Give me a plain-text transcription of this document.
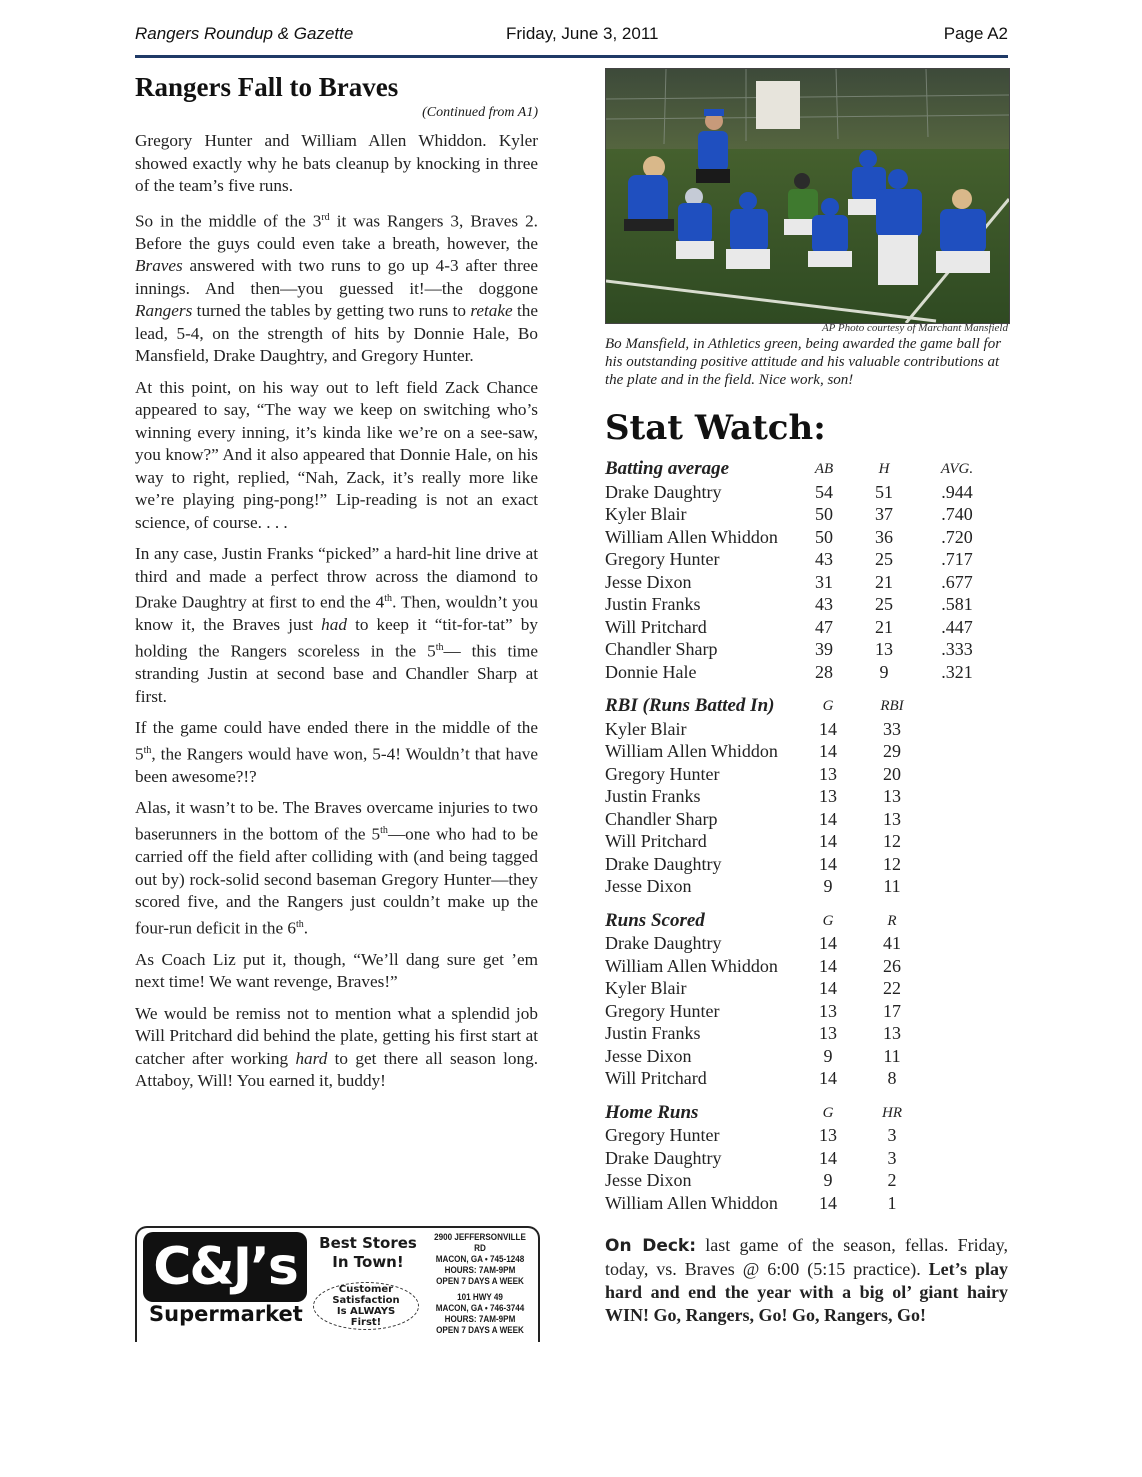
Rangers Roundup & Gazette	Friday, June 3, 2011	Page A2
Rangers Fall to Braves

(Continued from A1)

Gregory Hunter and William Allen Whiddon. Kyler showed exactly why he bats cleanup by knocking in three of the team’s five runs.

So in the middle of the 3rd it was Rangers 3, Braves 2. Before the guys could even take a breath, however, the Braves answered with two runs to go up 4-3 after three innings. And then—you guessed it!—the doggone Rangers turned the tables by getting two runs to retake the lead, 5-4, on the strength of hits by Donnie Hale, Bo Mansfield, Drake Daughtry, and Gregory Hunter.

At this point, on his way out to left field Zack Chance appeared to say, “The way we keep on switching who’s winning every inning, it’s kinda like we’re on a see-saw, you know?” And it also appeared that Donnie Hale, on his way to right, replied, “Nah, Zack, it’s really more like we’re playing ping-pong!” Lip-reading is not an exact science, of course. . . .

In any case, Justin Franks “picked” a hard-hit line drive at third and made a perfect throw across the diamond to Drake Daughtry at first to end the 4th. Then, wouldn’t you know it, the Braves just had to keep it “tit-for-tat” by holding the Rangers scoreless in the 5th— this time stranding Justin at second base and Chandler Sharp at first.

If the game could have ended there in the middle of the 5th, the Rangers would have won, 5-4! Wouldn’t that have been awesome?!?

Alas, it wasn’t to be. The Braves overcame injuries to two baserunners in the bottom of the 5th—one who had to be carried off the field after colliding with (and being tagged out by) rock-solid second baseman Gregory Hunter—they scored five, and the Rangers just couldn’t make up the four-run deficit in the 6th.

As Coach Liz put it, though, “We’ll dang sure get ’em next time! We want revenge, Braves!”

We would be remiss not to mention what a splendid job Will Pritchard did behind the plate, getting his first start at catcher after working hard to get there all season long. Attaboy, Will! You earned it, buddy!

C&J’s
Supermarket
Best Stores
In Town!
Customer
Satisfaction
Is ALWAYS
First!
2900 JEFFERSONVILLE RD
MACON, GA • 745-1248
HOURS: 7AM-9PM
OPEN 7 DAYS A WEEK
101 HWY 49
MACON, GA • 746-3744
HOURS: 7AM-9PM
OPEN 7 DAYS A WEEK
AP Photo courtesy of Marchant Mansfield
Bo Mansfield, in Athletics green, being awarded the game ball for his outstanding positive attitude and his valuable contributions at the plate and in the field. Nice work, son!
Stat Watch:
Batting average	AB	H	AVG.
Drake Daughtry	54	51	.944
Kyler Blair	50	37	.740
William Allen Whiddon	50	36	.720
Gregory Hunter	43	25	.717
Jesse Dixon	31	21	.677
Justin Franks	43	25	.581
Will Pritchard	47	21	.447
Chandler Sharp	39	13	.333
Donnie Hale	28	9	.321
RBI (Runs Batted In)	G	RBI
Kyler Blair	14	33
William Allen Whiddon	14	29
Gregory Hunter	13	20
Justin Franks	13	13
Chandler Sharp	14	13
Will Pritchard	14	12
Drake Daughtry	14	12
Jesse Dixon	9	11
Runs Scored	G	R
Drake Daughtry	14	41
William Allen Whiddon	14	26
Kyler Blair	14	22
Gregory Hunter	13	17
Justin Franks	13	13
Jesse Dixon	9	11
Will Pritchard	14	8
Home Runs	G	HR
Gregory Hunter	13	3
Drake Daughtry	14	3
Jesse Dixon	9	2
William Allen Whiddon	14	1
On Deck: last game of the season, fellas. Friday, today, vs. Braves @ 6:00 (5:15 practice). Let’s play hard and end the year with a big ol’ giant hairy WIN! Go, Rangers, Go! Go, Rangers, Go!
